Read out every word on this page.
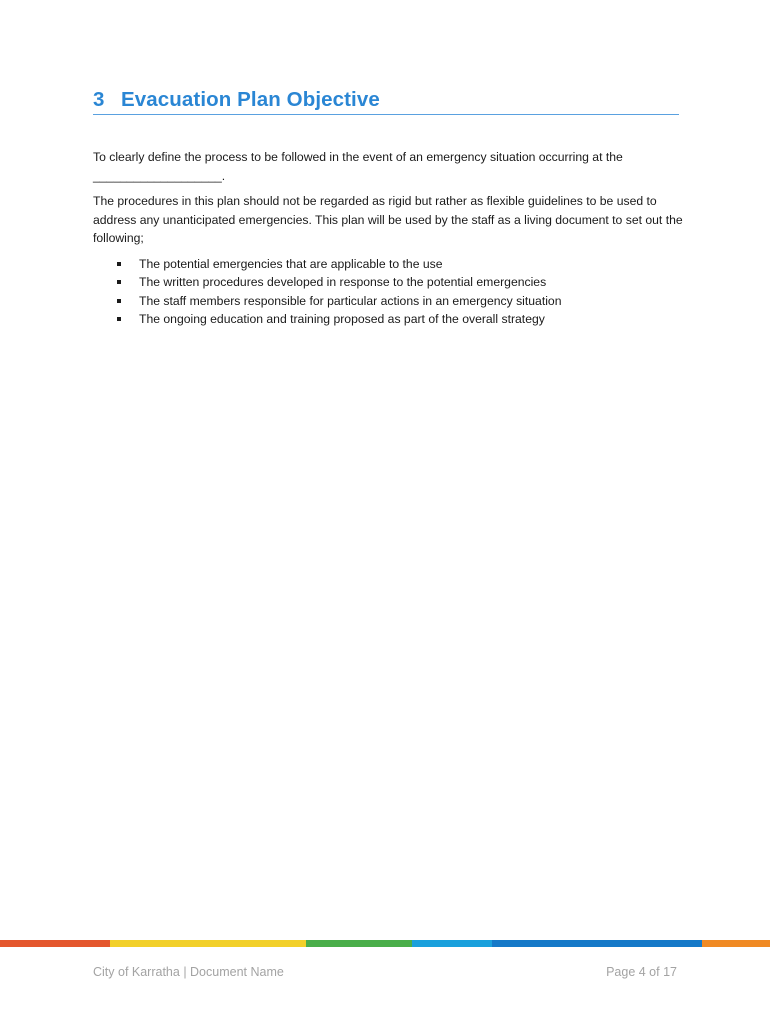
3 Evacuation Plan Objective

To clearly define the process to be followed in the event of an emergency situation occurring at the ___________________.

The procedures in this plan should not be regarded as rigid but rather as flexible guidelines to be used to address any unanticipated emergencies. This plan will be used by the staff as a living document to set out the following;

The potential emergencies that are applicable to the use
The written procedures developed in response to the potential emergencies
The staff members responsible for particular actions in an emergency situation
The ongoing education and training proposed as part of the overall strategy
City of Karratha | Document Name	Page 4 of 17
